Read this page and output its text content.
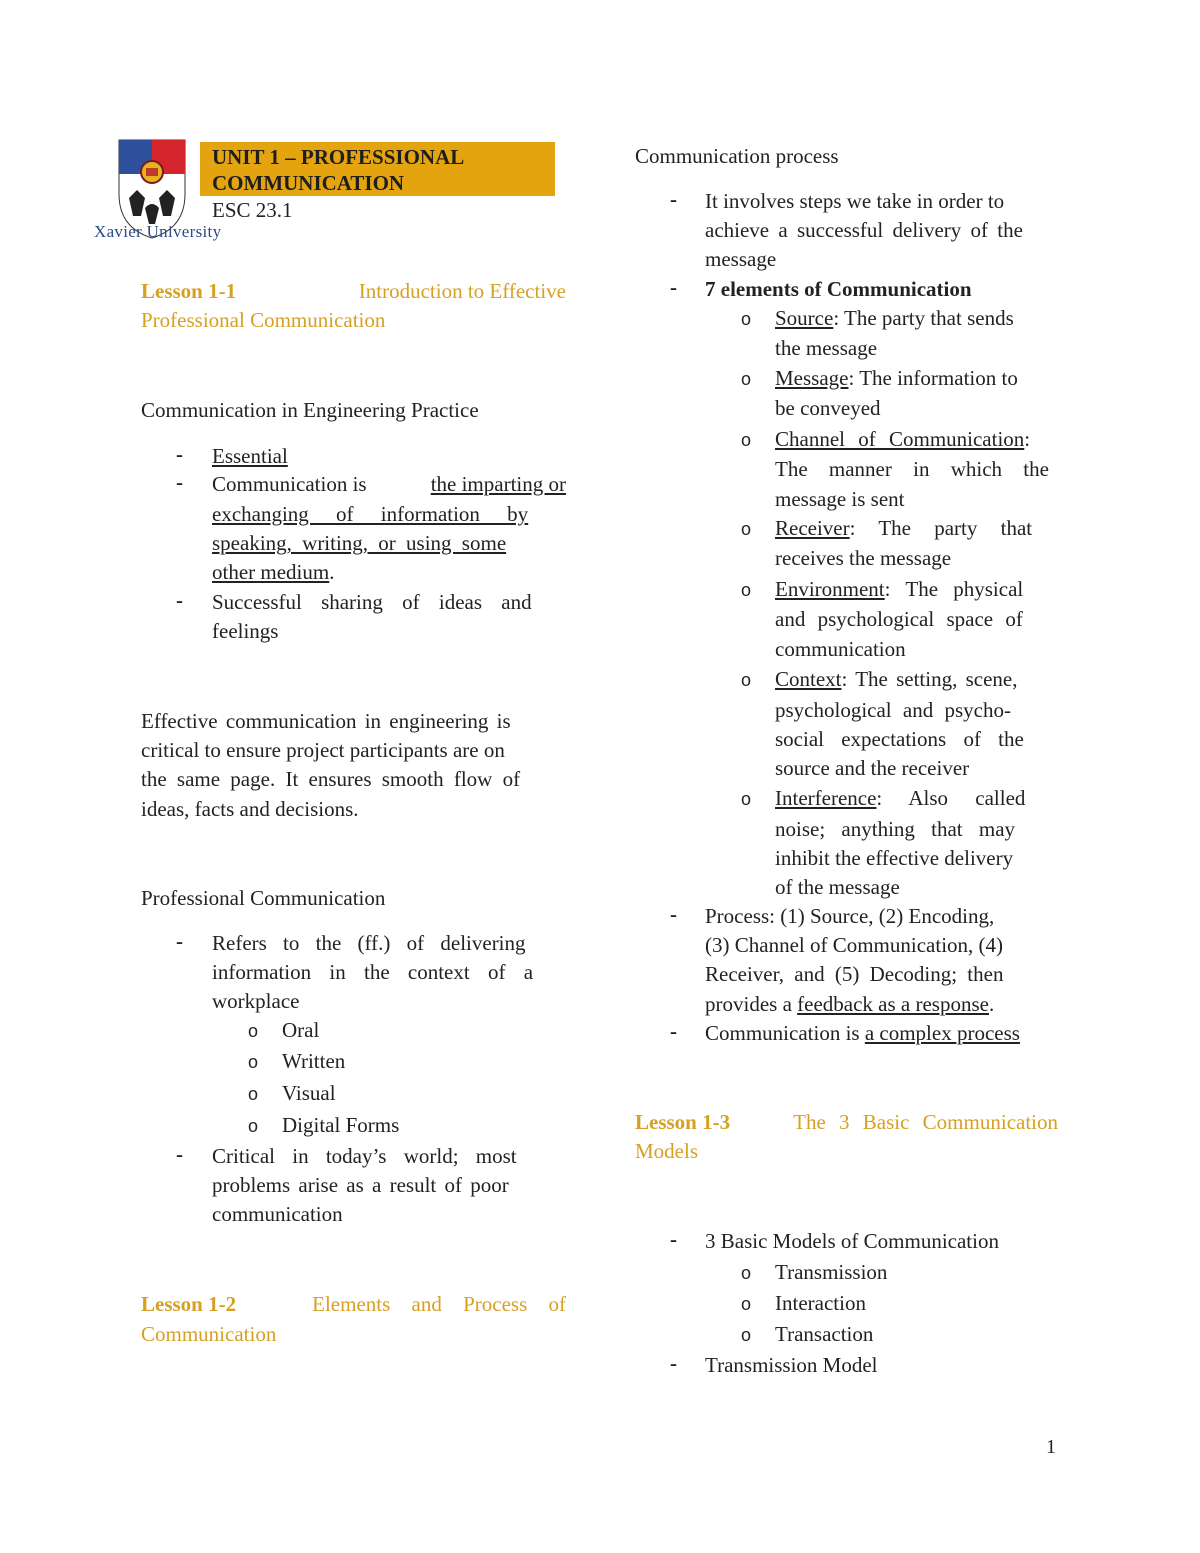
UNIT 1 – PROFESSIONAL
COMMUNICATION
ESC 23.1
Xavier University
Lesson 1-1	Introduction to Effective
Professional Communication
Communication in Engineering Practice
- Essential
- Communication is	the imparting or
exchanging of information by
speaking, writing, or using some
other medium.
- Successful sharing of ideas and
feelings
Effective communication in engineering is
critical to ensure project participants are on
the same page. It ensures smooth flow of
ideas, facts and decisions.
Professional Communication
- Refers to the (ff.) of delivering
information in the context of a
workplace
o Oral
o Written
o Visual
o Digital Forms
- Critical in today’s world; most
problems arise as a result of poor
communication
Lesson 1-2	Elements and Process of
Communication
Communication process
- It involves steps we take in order to
achieve a successful delivery of the
message
- 7 elements of Communication
o Source: The party that sends
the message
o Message: The information to
be conveyed
o Channel of Communication:
The manner in which the
message is sent
o Receiver: The party that
receives the message
o Environment: The physical
and psychological space of
communication
o Context: The setting, scene,
psychological and psycho-
social expectations of the
source and the receiver
o Interference: Also called
noise; anything that may
inhibit the effective delivery
of the message
- Process: (1) Source, (2) Encoding,
(3) Channel of Communication, (4)
Receiver, and (5) Decoding; then
provides a feedback as a response.
- Communication is a complex process
Lesson 1-3	The 3 Basic Communication
Models
- 3 Basic Models of Communication
o Transmission
o Interaction
o Transaction
- Transmission Model
1
